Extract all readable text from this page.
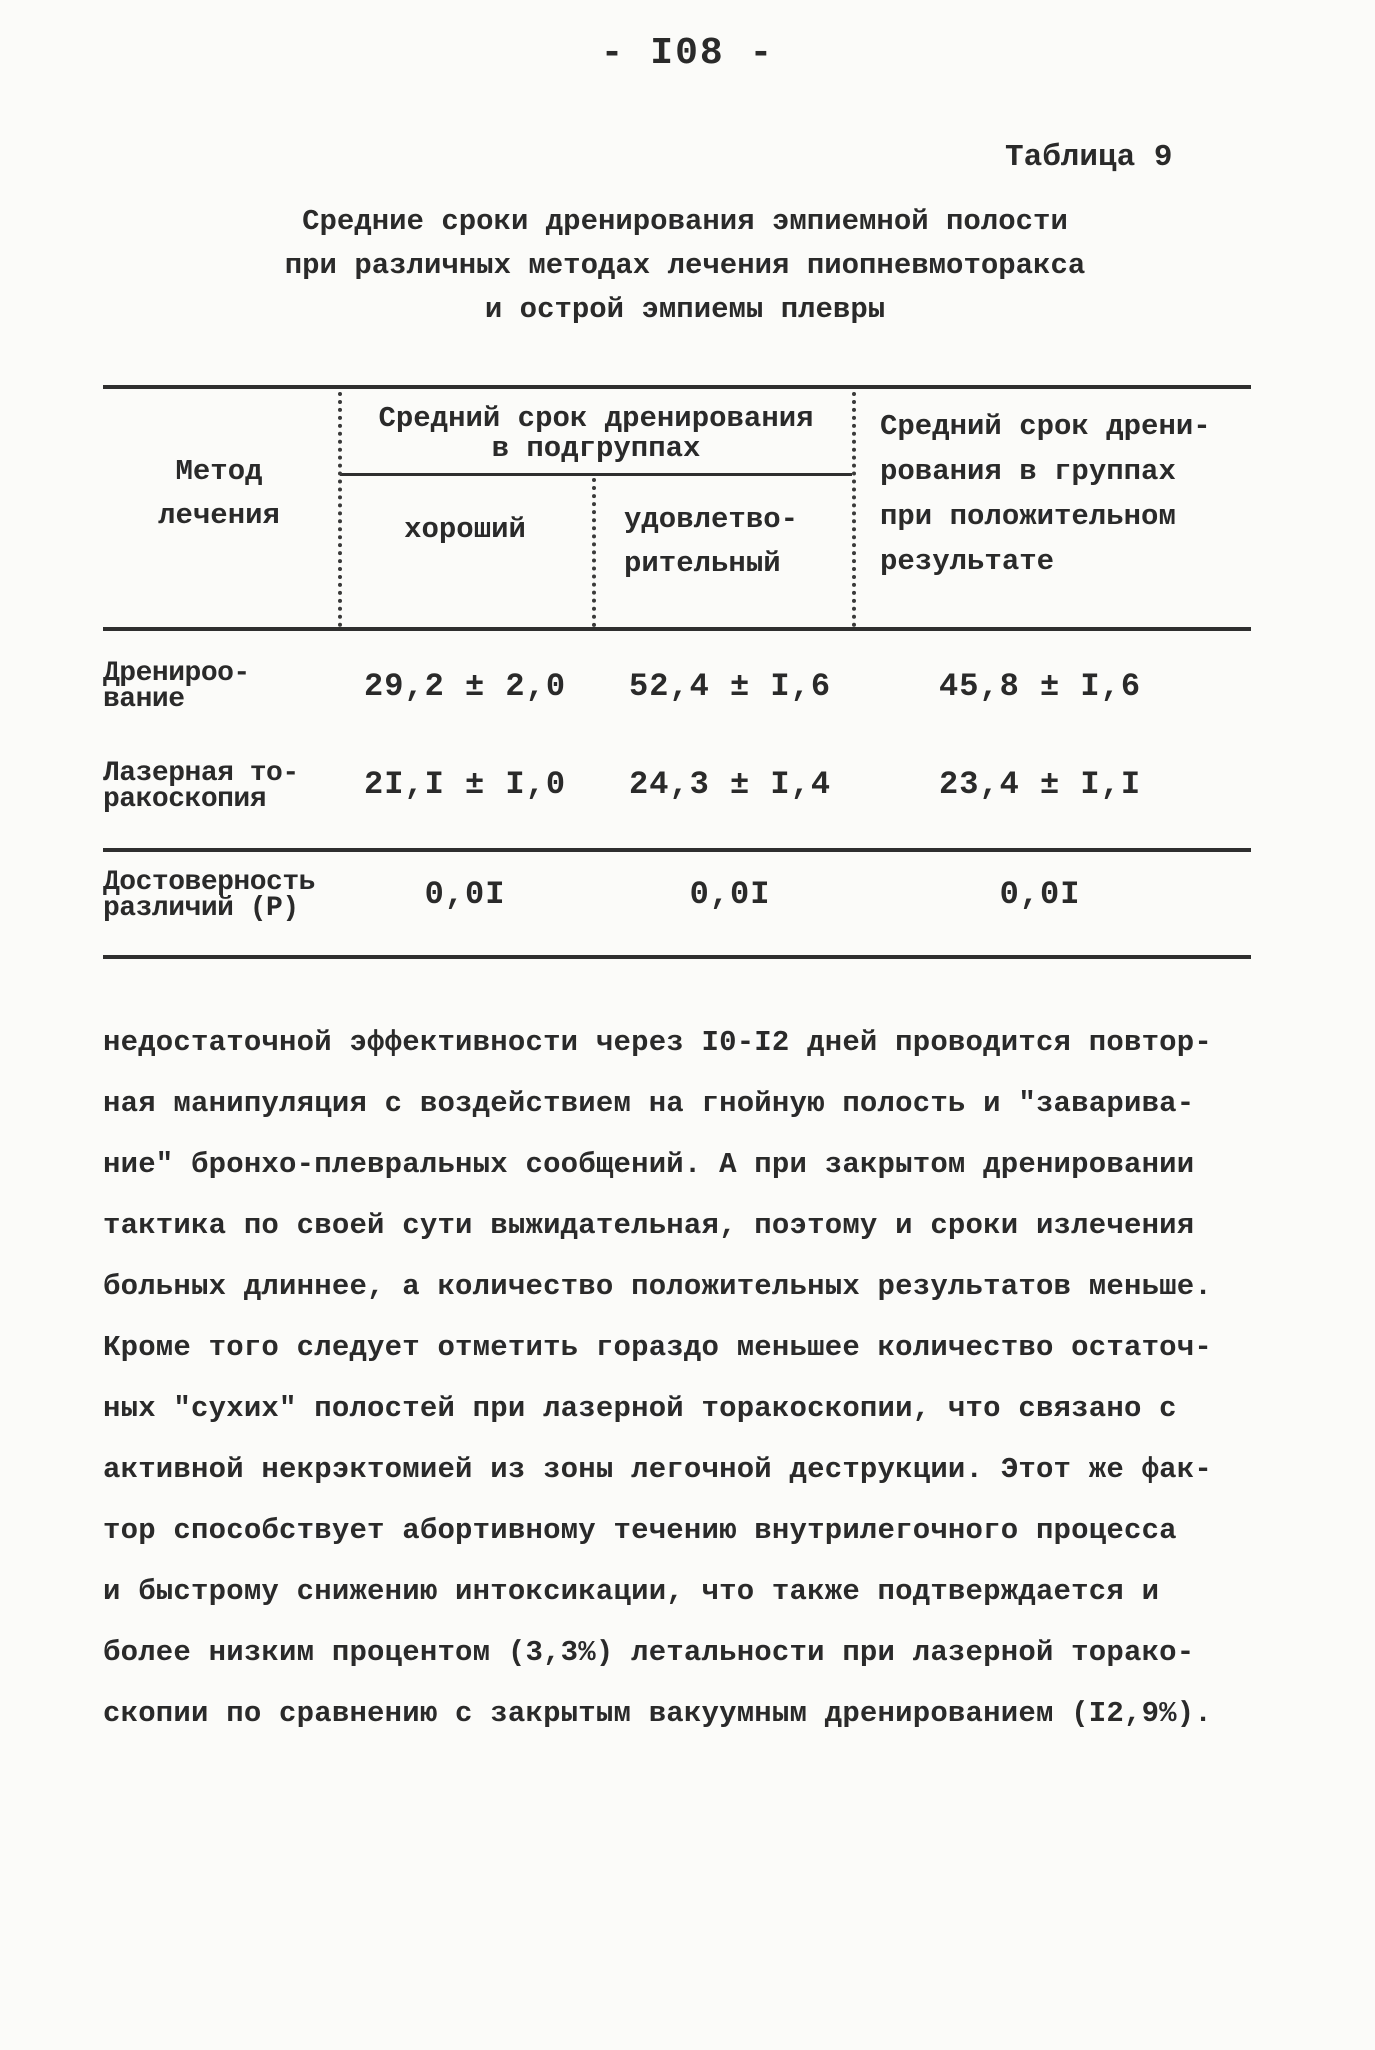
- I08 -
Таблица 9
Средние сроки дренирования эмпиемной полости
при различных методах лечения пиопневмоторакса
и острой эмпиемы плевры
Метод
лечения
Средний срок дренирования
в подгруппах
хороший	удовлетво-
рительный
Средний срок дрени-
рования в группах
при положительном
результате
Дренироо-
вание	29,2 ± 2,0	52,4 ± I,6	45,8 ± I,6
Лазерная то-
ракоскопия	2I,I ± I,0	24,3 ± I,4	23,4 ± I,I
Достоверность
различий (Р)	0,0I	0,0I	0,0I

недостаточной эффективности через I0-I2 дней проводится повтор-

ная манипуляция с воздействием на гнойную полость и "заварива-

ние" бронхо-плевральных сообщений. А при закрытом дренировании

тактика по своей сути выжидательная, поэтому и сроки излечения

больных длиннее, а количество положительных результатов меньше.

Кроме того следует отметить гораздо меньшее количество остаточ-

ных "сухих" полостей при лазерной торакоскопии, что связано с

активной некрэктомией из зоны легочной деструкции. Этот же фак-

тор способствует абортивному течению внутрилегочного процесса

и быстрому снижению интоксикации, что также подтверждается и

более низким процентом (3,3%) летальности при лазерной торако-

скопии по сравнению с закрытым вакуумным дренированием (I2,9%).
